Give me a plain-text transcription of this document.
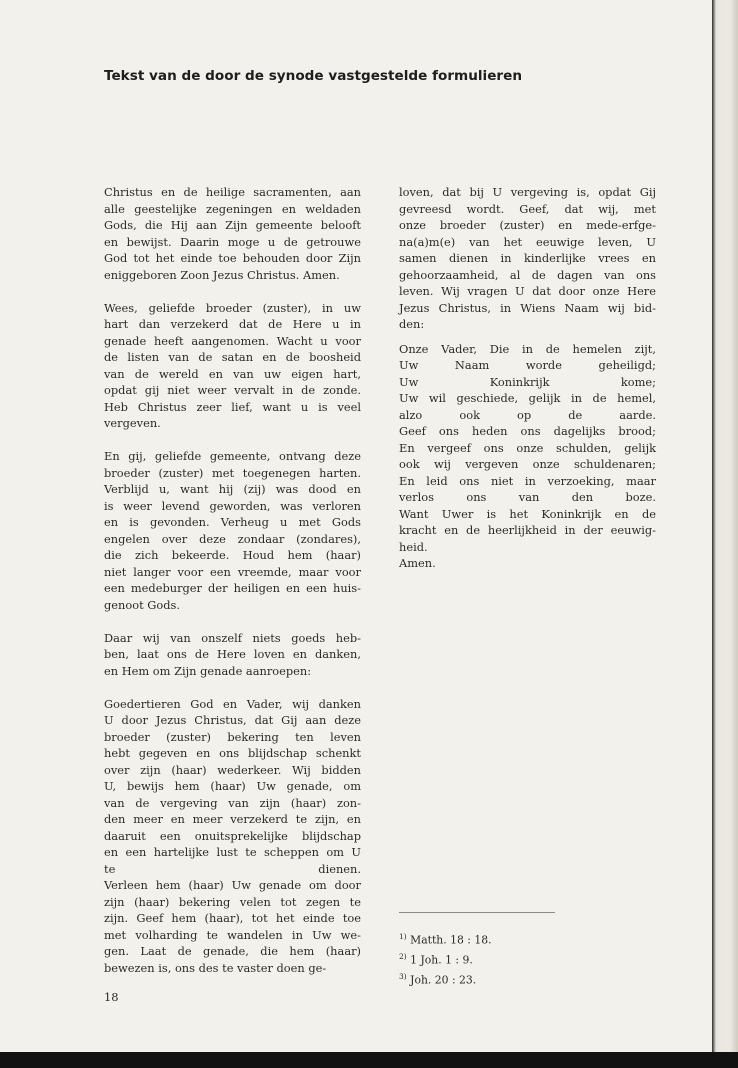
Tekst van de door de synode vastgestelde formulieren

Christus en de heilige sacramenten, aan
alle geestelijke zegeningen en weldaden
Gods, die Hij aan Zijn gemeente belooft
en bewijst. Daarin moge u de getrouwe
God tot het einde toe behouden door Zijn
eniggeboren Zoon Jezus Christus. Amen.

Wees, geliefde broeder (zuster), in uw
hart dan verzekerd dat de Here u in
genade heeft aangenomen. Wacht u voor
de listen van de satan en de boosheid
van de wereld en van uw eigen hart,
opdat gij niet weer vervalt in de zonde.
Heb Christus zeer lief, want u is veel
vergeven.

En gij, geliefde gemeente, ontvang deze
broeder (zuster) met toegenegen harten.
Verblijd u, want hij (zij) was dood en
is weer levend geworden, was verloren
en is gevonden. Verheug u met Gods
engelen over deze zondaar (zondares),
die zich bekeerde. Houd hem (haar)
niet langer voor een vreemde, maar voor
een medeburger der heiligen en een huis-
genoot Gods.

Daar wij van onszelf niets goeds heb-
ben, laat ons de Here loven en danken,
en Hem om Zijn genade aanroepen:

Goedertieren God en Vader, wij danken
U door Jezus Christus, dat Gij aan deze
broeder (zuster) bekering ten leven
hebt gegeven en ons blijdschap schenkt
over zijn (haar) wederkeer. Wij bidden
U, bewijs hem (haar) Uw genade, om
van de vergeving van zijn (haar) zon-
den meer en meer verzekerd te zijn, en
daaruit een onuitsprekelijke blijdschap
en een hartelijke lust te scheppen om U
te dienen.
Verleen hem (haar) Uw genade om door
zijn (haar) bekering velen tot zegen te
zijn. Geef hem (haar), tot het einde toe
met volharding te wandelen in Uw we-
gen. Laat de genade, die hem (haar)
bewezen is, ons des te vaster doen ge-

loven, dat bij U vergeving is, opdat Gij
gevreesd wordt. Geef, dat wij, met
onze broeder (zuster) en mede-erfge-
na(a)m(e) van het eeuwige leven, U
samen dienen in kinderlijke vrees en
gehoorzaamheid, al de dagen van ons
leven. Wij vragen U dat door onze Here
Jezus Christus, in Wiens Naam wij bid-
den:

Onze Vader, Die in de hemelen zijt,
Uw Naam worde geheiligd;
Uw Koninkrijk kome;
Uw wil geschiede, gelijk in de hemel,
alzo ook op de aarde.
Geef ons heden ons dagelijks brood;
En vergeef ons onze schulden, gelijk
ook wij vergeven onze schuldenaren;
En leid ons niet in verzoeking, maar
verlos ons van den boze.
Want Uwer is het Koninkrijk en de
kracht en de heerlijkheid in der eeuwig-
heid.
Amen.

$^{1)}$ Matth. 18 : 18.
$^{2)}$ 1 Joh. 1 : 9.
$^{3)}$ Joh. 20 : 23.
18
